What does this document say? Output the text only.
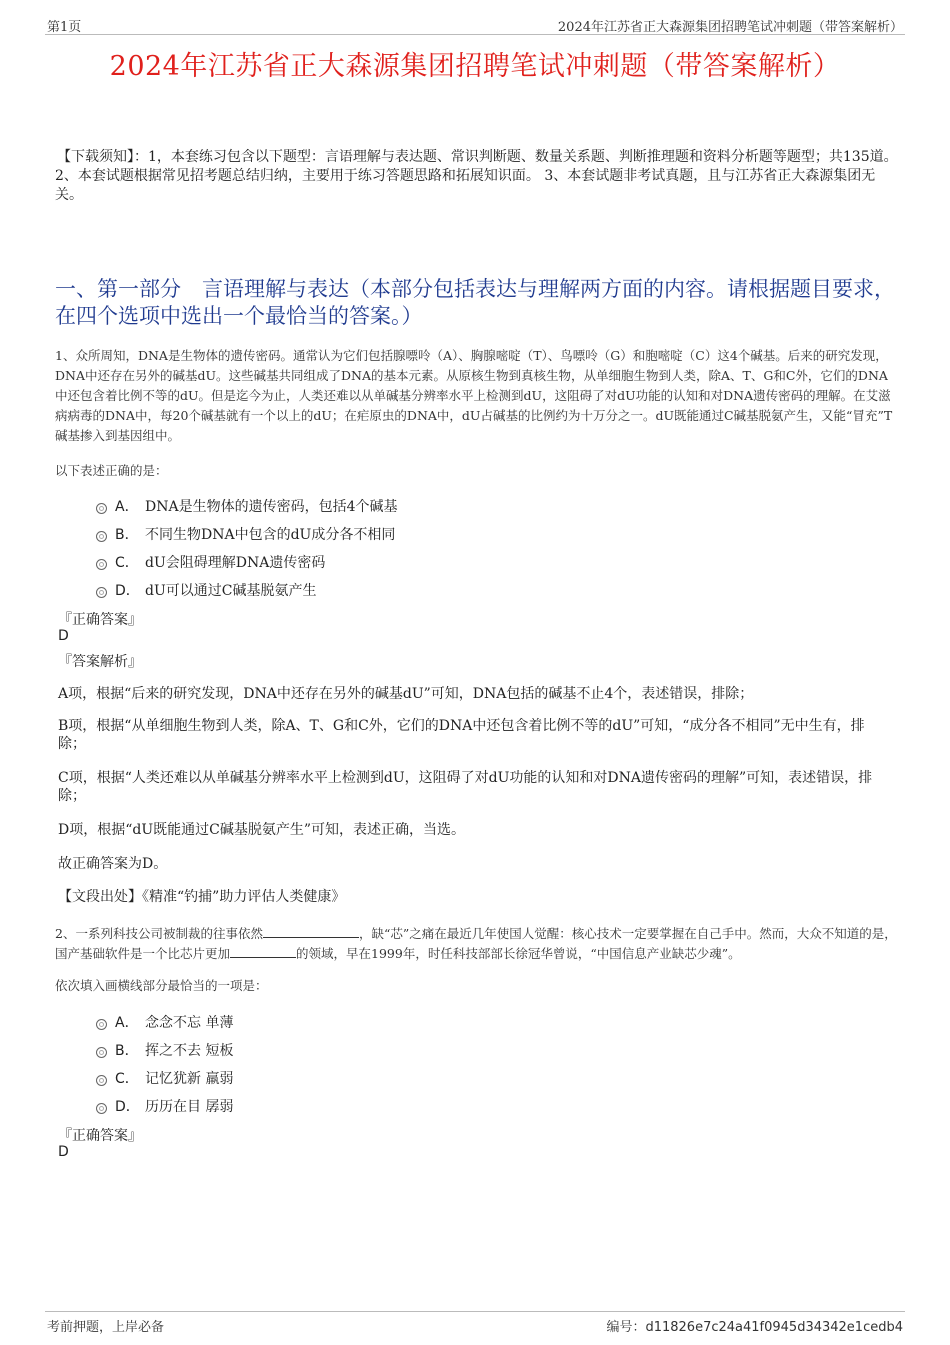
第1页	2024年江苏省正大森源集团招聘笔试冲刺题（带答案解析）
2024年江苏省正大森源集团招聘笔试冲刺题（带答案解析）
【下载须知】：1，本套练习包含以下题型：言语理解与表达题、常识判断题、数量关系题、判断推理题和资料分析题等题型；共135道。 2、本套试题根据常见招考题总结归纳，主要用于练习答题思路和拓展知识面。 3、本套试题非考试真题，且与江苏省正大森源集团无关。
一、第一部分　言语理解与表达（本部分包括表达与理解两方面的内容。请根据题目要求，在四个选项中选出一个最恰当的答案。）
1、众所周知，DNA是生物体的遗传密码。通常认为它们包括腺嘌呤（A）、胸腺嘧啶（T）、鸟嘌呤（G）和胞嘧啶（C）这4个碱基。后来的研究发现，DNA中还存在另外的碱基dU。这些碱基共同组成了DNA的基本元素。从原核生物到真核生物，从单细胞生物到人类，除A、T、G和C外，它们的DNA中还包含着比例不等的dU。但是迄今为止，人类还难以从单碱基分辨率水平上检测到dU，这阻碍了对dU功能的认知和对DNA遗传密码的理解。在艾滋病病毒的DNA中，每20个碱基就有一个以上的dU；在疟原虫的DNA中，dU占碱基的比例约为十万分之一。dU既能通过C碱基脱氨产生，又能“冒充”T碱基掺入到基因组中。
以下表述正确的是：
A． DNA是生物体的遗传密码，包括4个碱基
B． 不同生物DNA中包含的dU成分各不相同
C． dU会阻碍理解DNA遗传密码
D． dU可以通过C碱基脱氨产生
『正确答案』
D
『答案解析』
A项，根据“后来的研究发现，DNA中还存在另外的碱基dU”可知，DNA包括的碱基不止4个，表述错误，排除；
B项，根据“从单细胞生物到人类，除A、T、G和C外，它们的DNA中还包含着比例不等的dU”可知，“成分各不相同”无中生有，排除；
C项，根据“人类还难以从单碱基分辨率水平上检测到dU，这阻碍了对dU功能的认知和对DNA遗传密码的理解”可知，表述错误，排除；
D项，根据“dU既能通过C碱基脱氨产生”可知，表述正确，当选。
故正确答案为D。
【文段出处】《精准“钓捕”助力评估人类健康》
2、一系列科技公司被制裁的往事依然	，缺“芯”之痛在最近几年使国人觉醒：核心技术一定要掌握在自己手中。然而，大众不知道的是，国产基础软件是一个比芯片更加	的领域，早在1999年，时任科技部部长徐冠华曾说，“中国信息产业缺芯少魂”。
依次填入画横线部分最恰当的一项是：
A． 念念不忘 单薄
B． 挥之不去 短板
C． 记忆犹新 羸弱
D． 历历在目 孱弱
『正确答案』
D
考前押题，上岸必备	编号：d11826e7c24a41f0945d34342e1cedb4
